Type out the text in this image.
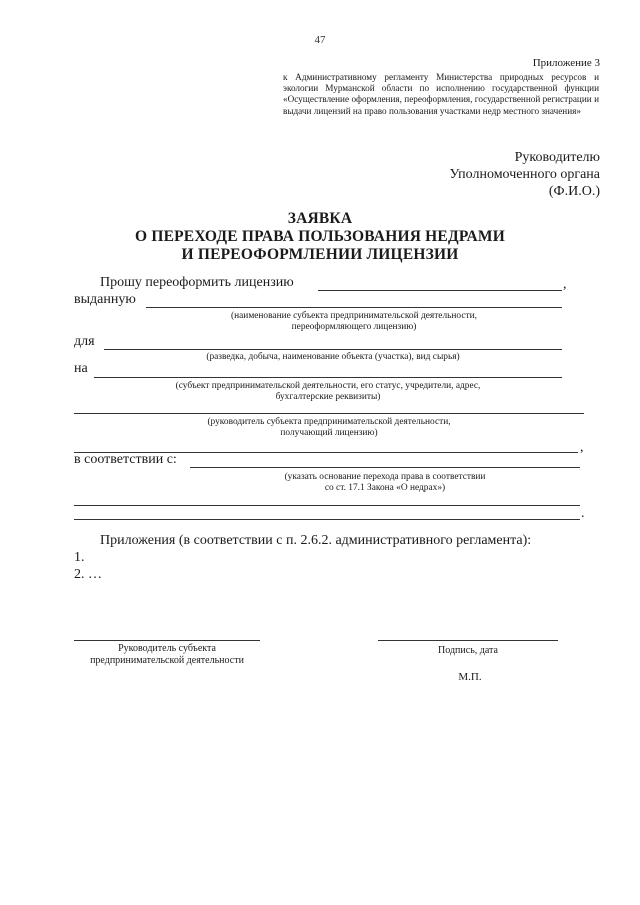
47
Приложение 3
к Административному регламенту Министерства природных ресурсов и экологии Мурманской области по исполнению государственной функции «Осуществление оформления, переоформления, государственной регистрации и выдачи лицензий на право пользования участками недр местного значения»
Руководителю
Уполномоченного органа
(Ф.И.О.)
ЗАЯВКА
О ПЕРЕХОДЕ ПРАВА ПОЛЬЗОВАНИЯ НЕДРАМИ
И ПЕРЕОФОРМЛЕНИИ ЛИЦЕНЗИИ
Прошу переоформить лицензию	,
выданную
(наименование субъекта предпринимательской деятельности,
переоформляющего лицензию)
для
(разведка, добыча, наименование объекта (участка), вид сырья)
на
(субъект предпринимательской деятельности, его статус, учредители, адрес,
бухгалтерские реквизиты)
(руководитель субъекта предпринимательской деятельности,
получающий лицензию)
,
в соответствии с:
(указать основание перехода права в соответствии
со ст. 17.1 Закона «О недрах»)
.
Приложения (в соответствии с п. 2.6.2. административного регламента):
1.
2. …
Руководитель субъекта
предпринимательской деятельности
Подпись, дата
М.П.
